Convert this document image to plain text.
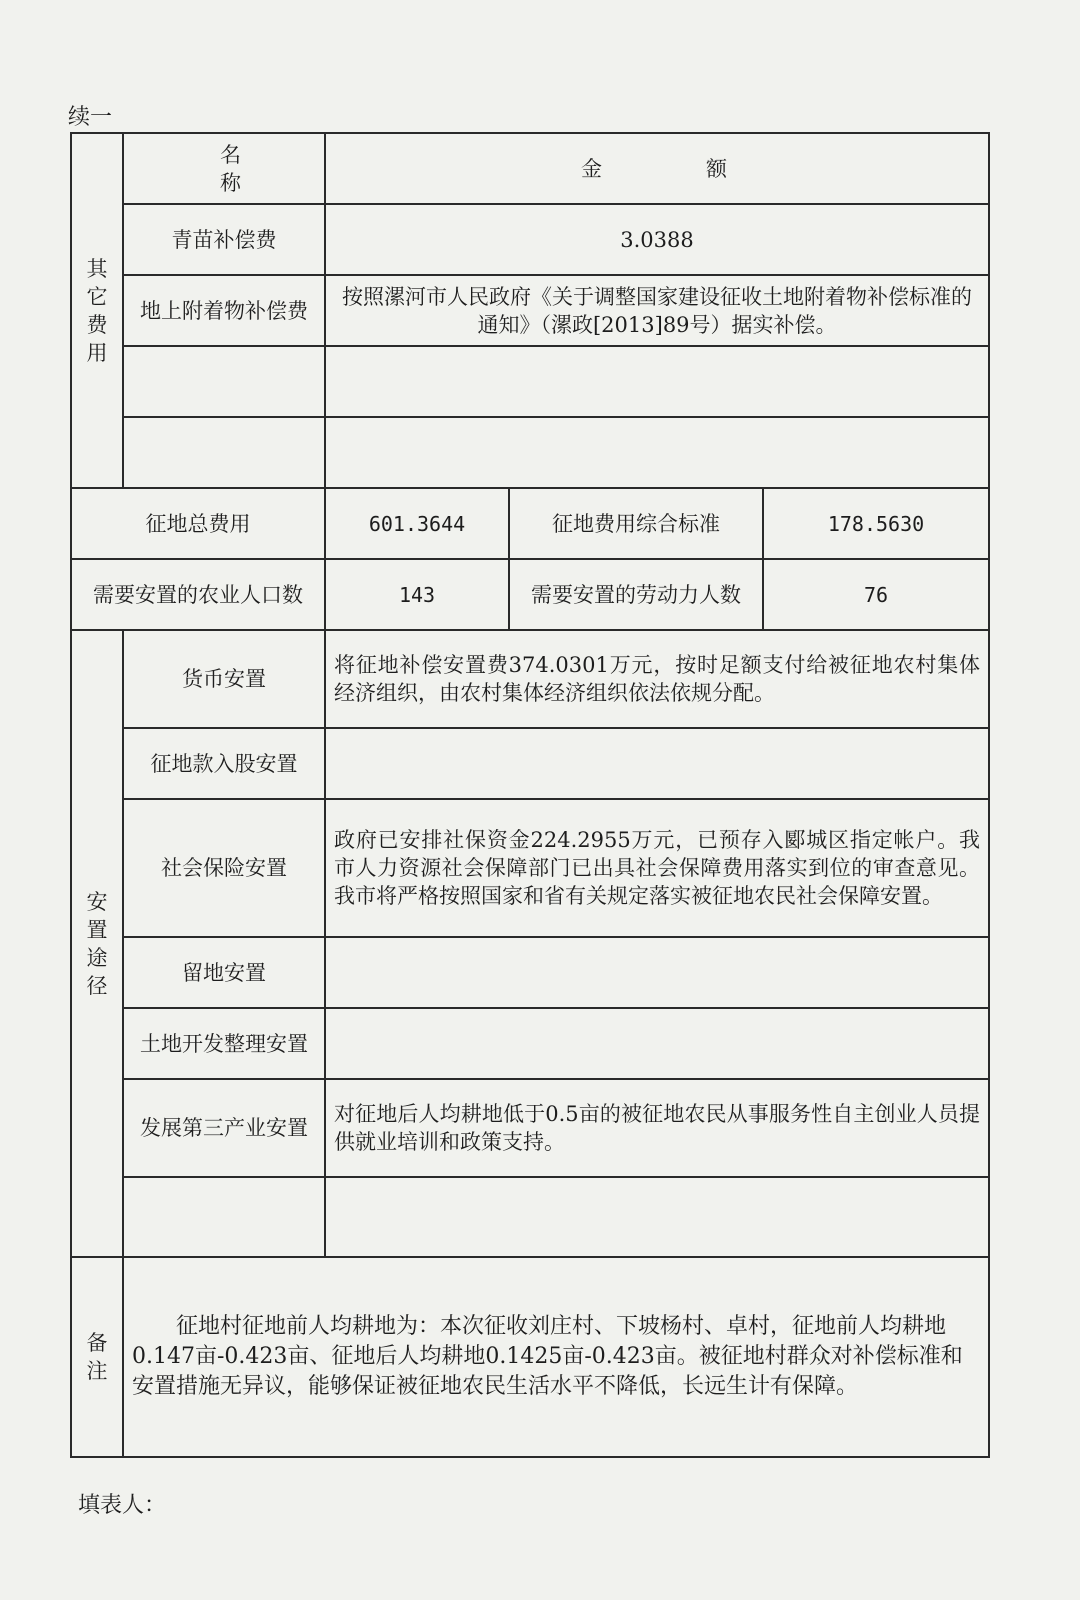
续一
其
它
费
用	名称	金额		
	青苗补偿费	3.0388		
	地上附着物补偿费	按照漯河市人民政府《关于调整国家建设征收土地附着物补偿标准的通知》（漯政[2013]89号）据实补偿。		

征地总费用		601.3644	征地费用综合标准	178.5630
需要安置的农业人口数		143	需要安置的劳动力人数	76

安
置
途
径	货币安置	将征地补偿安置费374.0301万元，按时足额支付给被征地农村集体经济组织，由农村集体经济组织依法依规分配。		
	征地款入股安置			
	社会保险安置	政府已安排社保资金224.2955万元，已预存入郾城区指定帐户。我市人力资源社会保障部门已出具社会保障费用落实到位的审查意见。我市将严格按照国家和省有关规定落实被征地农民社会保障安置。		
	留地安置			
	土地开发整理安置			
	发展第三产业安置	对征地后人均耕地低于0.5亩的被征地农民从事服务性自主创业人员提供就业培训和政策支持。		

备
注	征地村征地前人均耕地为：本次征收刘庄村、下坡杨村、卓村，征地前人均耕地0.147亩-0.423亩、征地后人均耕地0.1425亩-0.423亩。被征地村群众对补偿标准和安置措施无异议，能够保证被征地农民生活水平不降低，长远生计有保障。			
填表人：
